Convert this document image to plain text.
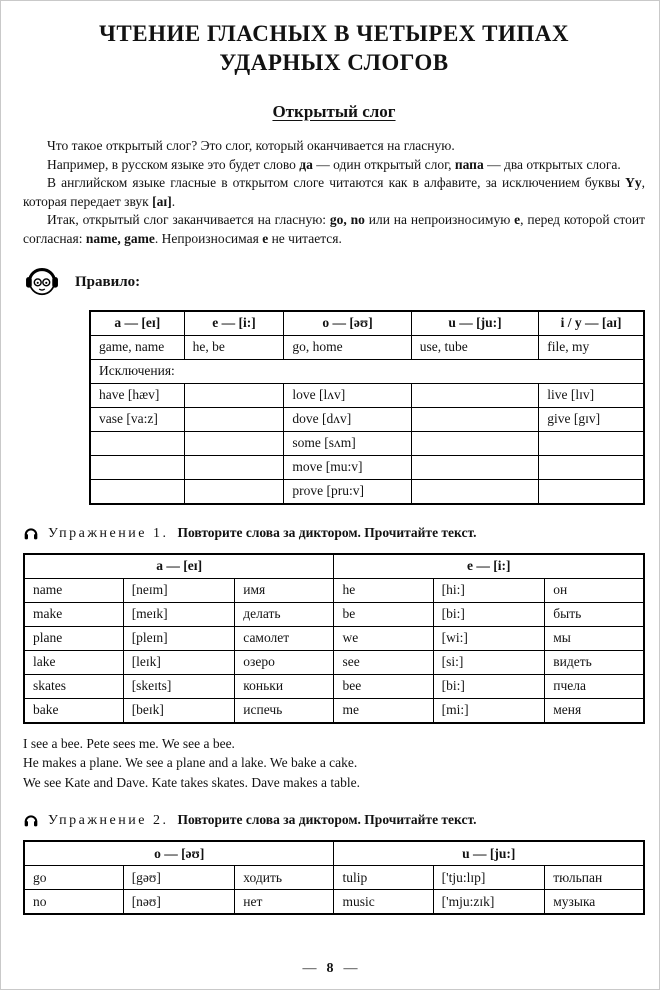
ЧТЕНИЕ ГЛАСНЫХ В ЧЕТЫРЕХ ТИПАХ
УДАРНЫХ СЛОГОВ
Открытый слог

Что такое открытый слог? Это слог, который оканчивается на гласную.

Например, в русском языке это будет слово да — один открытый слог, папа — два открытых слога.

В английском языке гласные в открытом слоге читаются как в алфавите, за исключением буквы Yy, которая передает звук [aɪ].

Итак, открытый слог заканчивается на гласную: go, no или на непроизносимую e, перед которой стоит согласная: name, game. Непроизносимая e не читается.

Правило:
a — [eɪ]	e — [i:]	o — [əʊ]	u — [ju:]	i / y — [aɪ]
game, name	he, be	go, home	use, tube	file, my
Исключения:				
have [hæv]		love [lʌv]		live [lɪv]
vase [va:z]		dove [dʌv]		give [gɪv]
		some [sʌm]		
		move [mu:v]		
		prove [pru:v]		
Упражнение 1. Повторите слова за диктором. Прочитайте текст.
a — [eɪ]			e — [i:]		
name	[neɪm]	имя	he	[hi:]	он
make	[meɪk]	делать	be	[bi:]	быть
plane	[pleɪn]	самолет	we	[wi:]	мы
lake	[leɪk]	озеро	see	[si:]	видеть
skates	[skeɪts]	коньки	bee	[bi:]	пчела
bake	[beɪk]	испечь	me	[mi:]	меня
I see a bee. Pete sees me. We see a bee.
He makes a plane. We see a plane and a lake. We bake a cake.
We see Kate and Dave. Kate takes skates. Dave makes a table.
Упражнение 2. Повторите слова за диктором. Прочитайте текст.
o — [əʊ]			u — [ju:]		
go	[gəʊ]	ходить	tulip	['tju:lɪp]	тюльпан
no	[nəʊ]	нет	music	['mju:zɪk]	музыка
— 8 —
